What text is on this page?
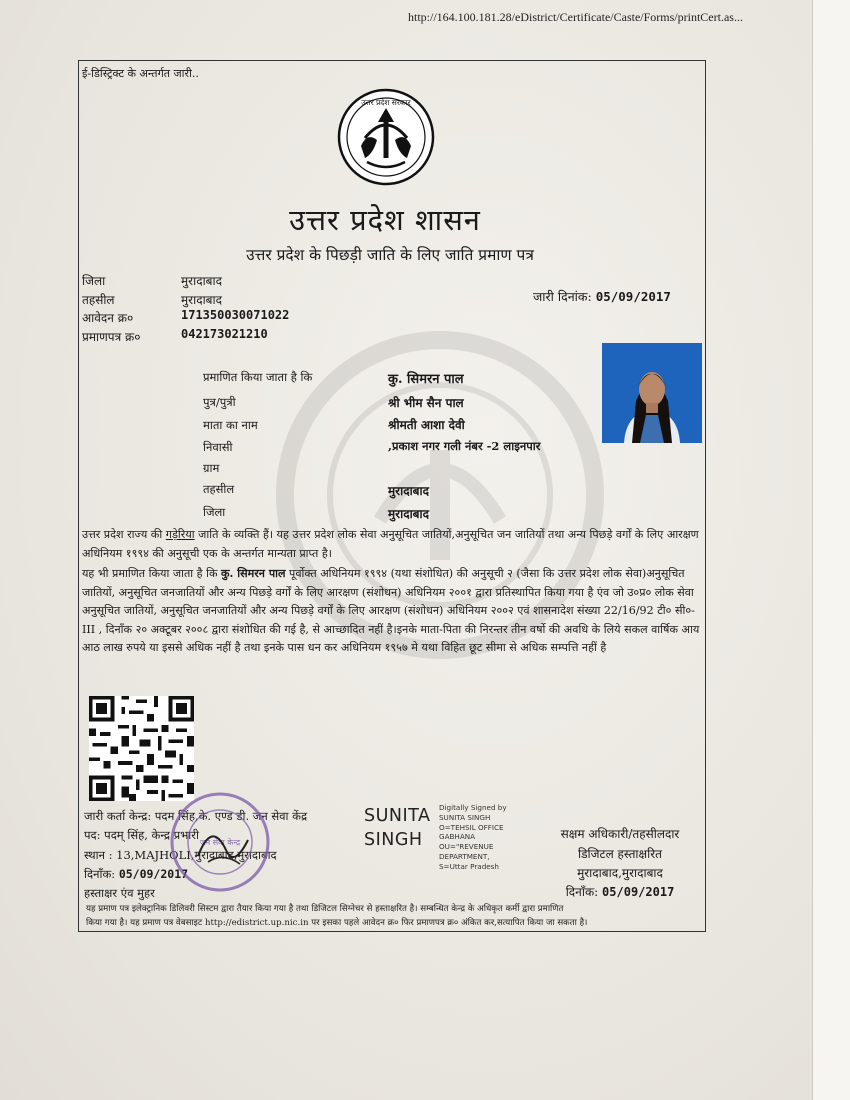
http://164.100.181.28/eDistrict/Certificate/Caste/Forms/printCert.as...
ई-डिस्ट्रिक्ट के अन्तर्गत जारी..
उत्तर प्रदेश सरकार
उत्तर प्रदेश शासन
उत्तर प्रदेश के पिछड़ी जाति के लिए जाति प्रमाण पत्र
जिला	मुरादाबाद
तहसील	मुरादाबाद
आवेदन क्र०	171350030071022
प्रमाणपत्र क्र०	042173021210
जारी दिनांक: 05/09/2017
प्रमाणित किया जाता है कि	कु. सिमरन पाल
पुत्र/पुत्री	श्री भीम सैन पाल
माता का नाम	श्रीमती आशा देवी
निवासी	,प्रकाश नगर गली नंबर -2 लाइनपार
ग्राम
तहसील	मुरादाबाद
जिला	मुरादाबाद

उत्तर प्रदेश राज्य की गड़ेरिया जाति के व्यक्ति हैं। यह उत्तर प्रदेश लोक सेवा अनुसूचित जातियों,अनुसूचित जन जातियों तथा अन्य पिछड़े वर्गों के लिए आरक्षण अधिनियम १९९४ की अनुसूची एक के अन्तर्गत मान्यता प्राप्त है।

यह भी प्रमाणित किया जाता है कि कु. सिमरन पाल पूर्वोक्त अधिनियम १९९४ (यथा संशोधित) की अनुसूची २ (जैसा कि उत्तर प्रदेश लोक सेवा)अनुसूचित जातियों, अनुसूचित जनजातियों और अन्य पिछड़े वर्गों के लिए आरक्षण (संशोधन) अधिनियम २००१ द्वारा प्रतिस्थापित किया गया है एंव जो उ०प्र० लोक सेवा अनुसूचित जातियों, अनुसूचित जनजातियों और अन्य पिछड़े वर्गों के लिए आरक्षण (संशोधन) अधिनियम २००२ एवं शासनादेश संख्या 22/16/92 टी० सी०-III , दिनाँक २० अक्टूबर २००८ द्वारा संशोधित की गई है, से आच्छादित नहीं है।इनके माता-पिता की निरन्तर तीन वर्षो की अवधि के लिये सकल वार्षिक आय आठ लाख रुपये या इससे अधिक नहीं है तथा इनके पास धन कर अधिनियम १९५७ मे यथा विहित छूट सीमा से अधिक सम्पत्ति नहीं है

जारी कर्ता केन्द्र: पदम सिंह,के. एण्ड डी. जन सेवा केंद्र
पद: पदम् सिंह, केन्द्र प्रभारी
स्थान : 13,MAJHOLI,मुरादाबाद,मुरादाबाद
दिनाँक: 05/09/2017
हस्ताक्षर एंव मुहर
जन सेवा केन्द्र
SUNITA
SINGH
Digitally Signed by
SUNITA SINGH
O=TEHSIL OFFICE
GABHANA
OU="REVENUE
DEPARTMENT,
S=Uttar Pradesh
सक्षम अधिकारी/तहसीलदार
डिजिटल हस्ताक्षरित
मुरादाबाद,मुरादाबाद
दिनाँक: 05/09/2017
यह प्रमाण पत्र इलेक्ट्रानिक डिलिवरी सिस्टम द्वारा तैयार किया गया है तथा डिजिटल सिग्नेचर से हस्ताक्षरित है। सम्बन्धित केन्द्र के अधिकृत कर्मी द्वारा प्रमाणित
किया गया है। यह प्रमाण पत्र वेबसाइट http://edistrict.up.nic.in पर इसका पहले आवेदन क्र० फिर प्रमाणपत्र क्र० अंकित कर,सत्यापित किया जा सकता है।
